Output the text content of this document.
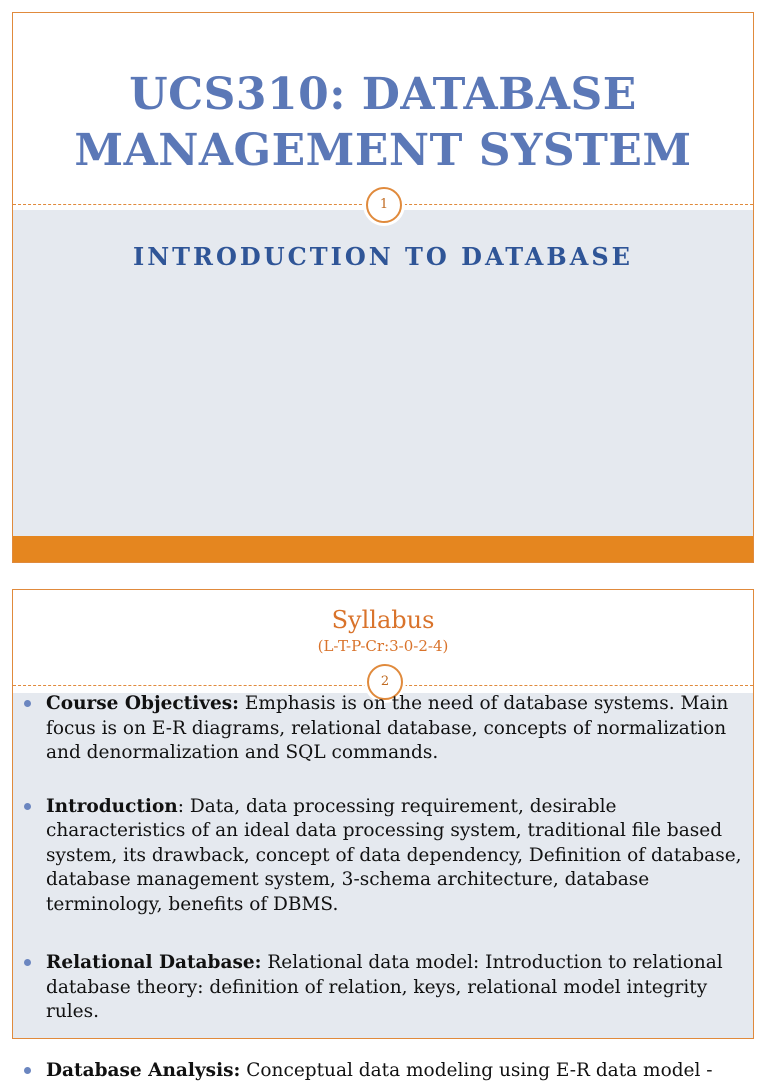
UCS310: DATABASE
MANAGEMENT SYSTEM
1
INTRODUCTION TO DATABASE
Syllabus
(L-T-P-Cr:3-0-2-4)
2
Course Objectives: Emphasis is on the need of database systems. Main focus is on E-R diagrams, relational database, concepts of normalization and denormalization and SQL commands.
Introduction: Data, data processing requirement, desirable characteristics of an ideal data processing system, traditional file based system, its drawback, concept of data dependency, Definition of database, database management system, 3-schema architecture, database terminology, benefits of DBMS.
Relational Database: Relational data model: Introduction to relational database theory: definition of relation, keys, relational model integrity rules.
Database Analysis: Conceptual data modeling using E-R data model -
